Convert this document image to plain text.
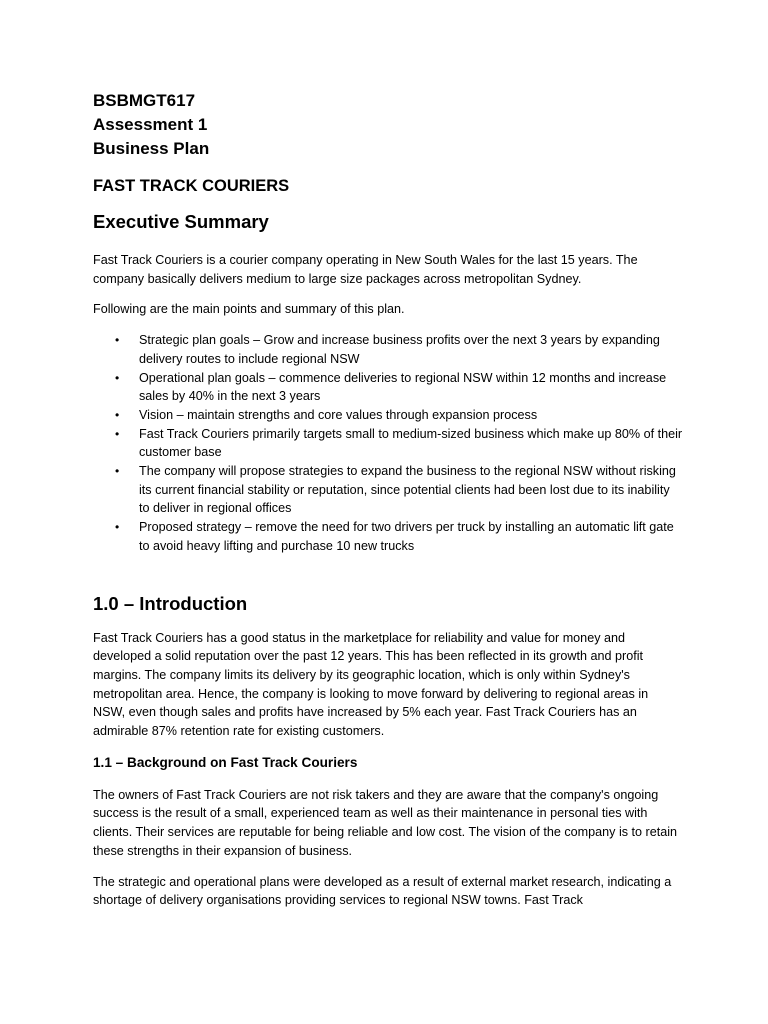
BSBMGT617

Assessment 1

Business Plan

FAST TRACK COURIERS

Executive Summary

Fast Track Couriers is a courier company operating in New South Wales for the last 15 years. The company basically delivers medium to large size packages across metropolitan Sydney.

Following are the main points and summary of this plan.

• Strategic plan goals – Grow and increase business profits over the next 3 years by expanding delivery routes to include regional NSW
• Operational plan goals – commence deliveries to regional NSW within 12 months and increase sales by 40% in the next 3 years
• Vision – maintain strengths and core values through expansion process
• Fast Track Couriers primarily targets small to medium-sized business which make up 80% of their customer base
• The company will propose strategies to expand the business to the regional NSW without risking its current financial stability or reputation, since potential clients had been lost due to its inability to deliver in regional offices
• Proposed strategy – remove the need for two drivers per truck by installing an automatic lift gate to avoid heavy lifting and purchase 10 new trucks
1.0 – Introduction

Fast Track Couriers has a good status in the marketplace for reliability and value for money and developed a solid reputation over the past 12 years. This has been reflected in its growth and profit margins. The company limits its delivery by its geographic location, which is only within Sydney's metropolitan area. Hence, the company is looking to move forward by delivering to regional areas in NSW, even though sales and profits have increased by 5% each year. Fast Track Couriers has an admirable 87% retention rate for existing customers.

1.1 – Background on Fast Track Couriers

The owners of Fast Track Couriers are not risk takers and they are aware that the company's ongoing success is the result of a small, experienced team as well as their maintenance in personal ties with clients. Their services are reputable for being reliable and low cost. The vision of the company is to retain these strengths in their expansion of business.

The strategic and operational plans were developed as a result of external market research, indicating a shortage of delivery organisations providing services to regional NSW towns. Fast Track
